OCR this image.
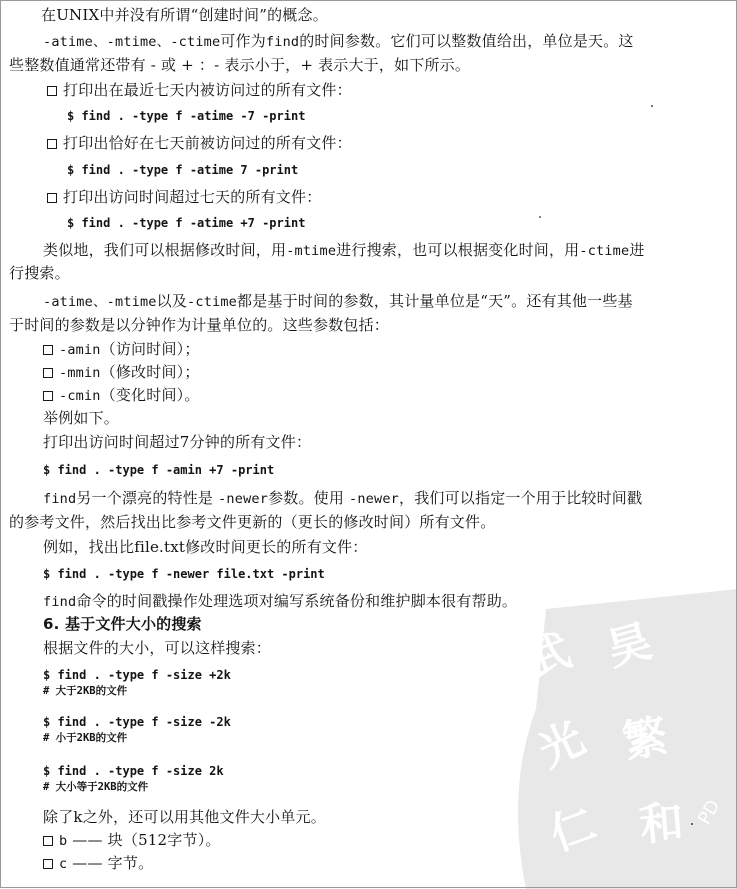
在UNIX中并没有所谓“创建时间”的概念。
-atime、-mtime、-ctime可作为find的时间参数。它们可以整数值给出，单位是天。这
些整数值通常还带有 - 或 + ：- 表示小于，+ 表示大于，如下所示。
打印出在最近七天内被访问过的所有文件：
$ find . -type f -atime -7 -print
打印出恰好在七天前被访问过的所有文件：
$ find . -type f -atime 7 -print
打印出访问时间超过七天的所有文件：
$ find . -type f -atime +7 -print
类似地，我们可以根据修改时间，用-mtime进行搜索，也可以根据变化时间，用-ctime进
行搜索。
-atime、-mtime以及-ctime都是基于时间的参数，其计量单位是“天”。还有其他一些基
于时间的参数是以分钟作为计量单位的。这些参数包括：
-amin（访问时间）；
-mmin（修改时间）；
-cmin（变化时间）。
举例如下。
打印出访问时间超过7分钟的所有文件：
$ find . -type f -amin +7 -print
find另一个漂亮的特性是 -newer参数。使用 -newer，我们可以指定一个用于比较时间戳
的参考文件，然后找出比参考文件更新的（更长的修改时间）所有文件。
例如，找出比file.txt修改时间更长的所有文件：
$ find . -type f -newer file.txt -print
find命令的时间戳操作处理选项对编写系统备份和维护脚本很有帮助。
6. 基于文件大小的搜索
根据文件的大小，可以这样搜索：
$ find . -type f -size +2k
# 大于2KB的文件
$ find . -type f -size -2k
# 小于2KB的文件
$ find . -type f -size 2k
# 大小等于2KB的文件
除了k之外，还可以用其他文件大小单元。
b —— 块（512字节）。
c —— 字节。
武 昊
光 繁
仁 和 PD
